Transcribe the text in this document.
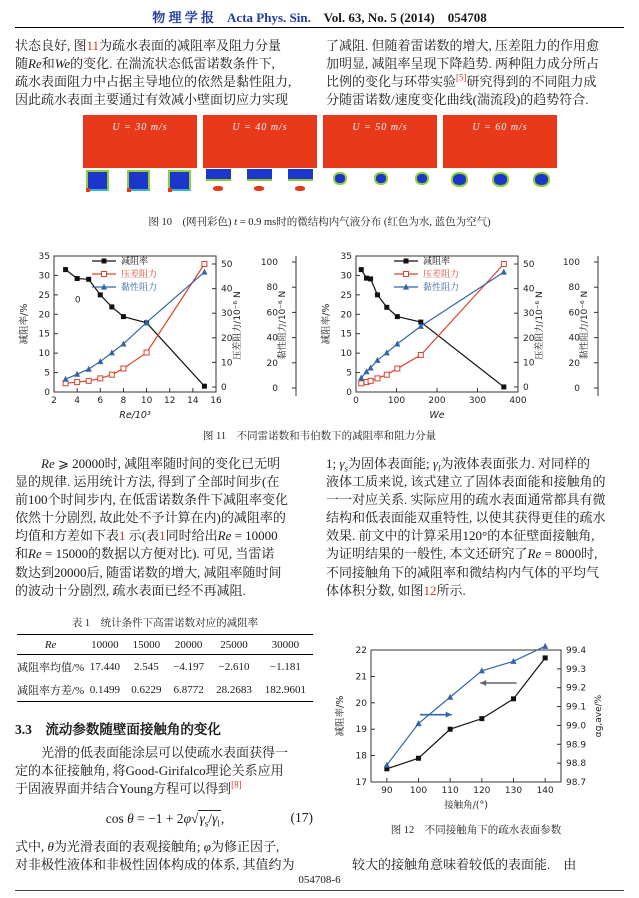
物 理 学 报 Acta Phys. Sin. Vol. 63, No. 5 (2014) 054708
状态良好, 图11为疏水表面的减阻率及阻力分量
随Re和We的变化. 在湍流状态低雷诺数条件下,
疏水表面阻力中占据主导地位的依然是黏性阻力,
因此疏水表面主要通过有效减小壁面切应力实现
了减阻. 但随着雷诺数的增大, 压差阻力的作用愈
加明显, 减阻率呈现下降趋势. 两种阻力成分所占
比例的变化与环带实验[5]研究得到的不同阻力成
分随雷诺数/速度变化曲线(湍流段)的趋势符合.
U = 30 m/s	U = 40 m/s	U = 50 m/s	U = 60 m/s
图 10　(网刊彩色) t = 0.9 ms时的微结构内气液分布 (红色为水, 蓝色为空气)
2 4 6 8 10 12 14 16
Re/10³
0
5
10
15
20
25
30
35
减阻率/%
0
10
20
30
40
50
压差阻力/10⁻⁶ N
0
20
40
60
80
100
黏性阻力/10⁻⁶ N
减阻率
压差阻力
黏性阻力
0
0	100	200	300	400
We
0
5
10
15
20
25
30
35
减阻率/%
0
10
20
30
40
50
压差阻力/10⁻⁶ N
0
20
40
60
80
100
黏性阻力/10⁻⁶ N
减阻率
压差阻力
黏性阻力
图 11　不同雷诺数和韦伯数下的减阻率和阻力分量
　　Re ⩾ 20000时, 减阻率随时间的变化已无明
显的规律. 运用统计方法, 得到了全部时间步(在
前100个时间步内, 在低雷诺数条件下减阻率变化
依然十分剧烈, 故此处不予计算在内)的减阻率的
均值和方差如下表1 示(表1同时给出Re = 10000
和Re = 15000的数据以方便对比). 可见, 当雷诺
数达到20000后, 随雷诺数的增大, 减阻率随时间
的波动十分剧烈, 疏水表面已经不再减阻.
表 1　统计条件下高雷诺数对应的减阻率
Re	10000	15000	20000	25000	30000
减阻率均值/%	17.440	2.545	−4.197	−2.610	−1.181
减阻率方差/%	0.1499	0.6229	6.8772	28.2683	182.9601
3.3 流动参数随壁面接触角的变化
　　光滑的低表面能涂层可以使疏水表面获得一
定的本征接触角, 将Good-Girifalco理论关系应用
于固液界面并结合Young方程可以得到[8]
$\cos \theta = -1 + 2\varphi√\gamma_s/\gamma_l$,	(17)
式中, θ为光滑表面的表观接触角; φ为修正因子,
对非极性液体和非极性固体构成的体系, 其值约为
1; $\gamma_s$为固体表面能; $\gamma_l$为液体表面张力. 对同样的
液体工质来说, 该式建立了固体表面能和接触角的
一一对应关系. 实际应用的疏水表面通常都具有微
结构和低表面能双重特性, 以使其获得更佳的疏水
效果. 前文中的计算采用120°的本征壁面接触角,
为证明结果的一般性, 本文还研究了Re = 8000时,
不同接触角下的减阻率和微结构内气体的平均气
体体积分数, 如图12所示.
90 100 110 120 130 140
接触角/(°)
17
18
19
20
21
22
减阻率/%
98.7
98.8
98.9
99.0
99.1
99.2
99.3
99.4
αg,ave/%
图 12　不同接触角下的疏水表面参数
　　较大的接触角意味着较低的表面能.　由
054708-6
